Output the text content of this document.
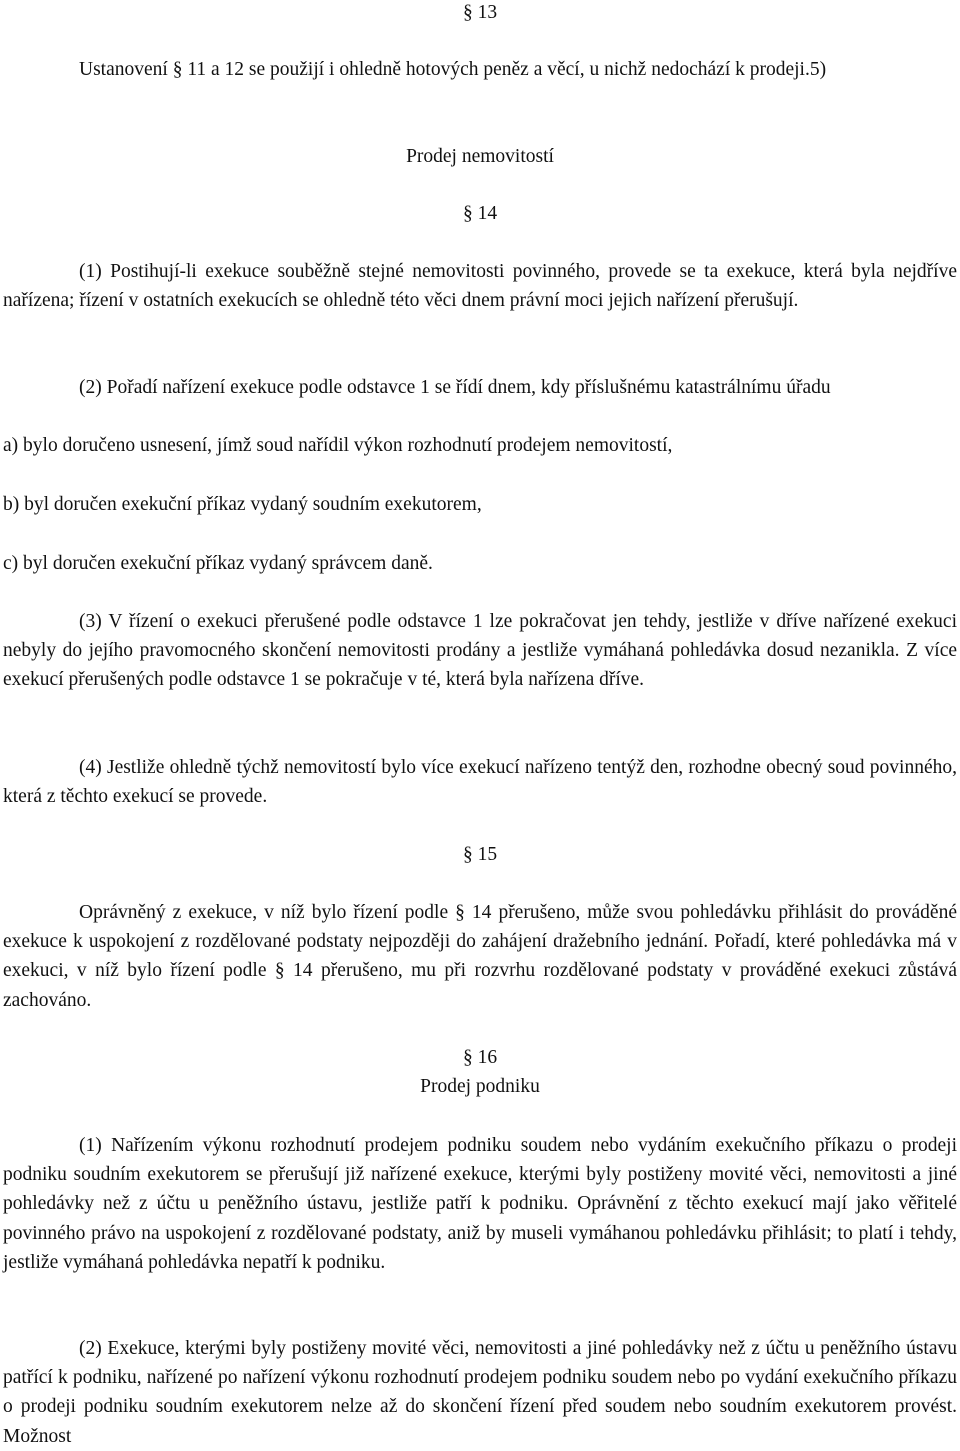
§ 13

Ustanovení § 11 a 12 se použijí i ohledně hotových peněz a věcí, u nichž nedochází k prodeji.5)

Prodej nemovitostí

§ 14

(1) Postihují-li exekuce souběžně stejné nemovitosti povinného, provede se ta exekuce, která byla nejdříve nařízena; řízení v ostatních exekucích se ohledně této věci dnem právní moci jejich nařízení přerušují.

(2) Pořadí nařízení exekuce podle odstavce 1 se řídí dnem, kdy příslušnému katastrálnímu úřadu

a) bylo doručeno usnesení, jímž soud nařídil výkon rozhodnutí prodejem nemovitostí,

b) byl doručen exekuční příkaz vydaný soudním exekutorem,

c) byl doručen exekuční příkaz vydaný správcem daně.

(3) V řízení o exekuci přerušené podle odstavce 1 lze pokračovat jen tehdy, jestliže v dříve nařízené exekuci nebyly do jejího pravomocného skončení nemovitosti prodány a jestliže vymáhaná pohledávka dosud nezanikla. Z více exekucí přerušených podle odstavce 1 se pokračuje v té, která byla nařízena dříve.

(4) Jestliže ohledně týchž nemovitostí bylo více exekucí nařízeno tentýž den, rozhodne obecný soud povinného, která z těchto exekucí se provede.

§ 15

Oprávněný z exekuce, v níž bylo řízení podle § 14 přerušeno, může svou pohledávku přihlásit do prováděné exekuce k uspokojení z rozdělované podstaty nejpozději do zahájení dražebního jednání. Pořadí, které pohledávka má v exekuci, v níž bylo řízení podle § 14 přerušeno, mu při rozvrhu rozdělované podstaty v prováděné exekuci zůstává zachováno.

§ 16

Prodej podniku

(1) Nařízením výkonu rozhodnutí prodejem podniku soudem nebo vydáním exekučního příkazu o prodeji podniku soudním exekutorem se přerušují již nařízené exekuce, kterými byly postiženy movité věci, nemovitosti a jiné pohledávky než z účtu u peněžního ústavu, jestliže patří k podniku. Oprávnění z těchto exekucí mají jako věřitelé povinného právo na uspokojení z rozdělované podstaty, aniž by museli vymáhanou pohledávku přihlásit; to platí i tehdy, jestliže vymáhaná pohledávka nepatří k podniku.

(2) Exekuce, kterými byly postiženy movité věci, nemovitosti a jiné pohledávky než z účtu u peněžního ústavu patřící k podniku, nařízené po nařízení výkonu rozhodnutí prodejem podniku soudem nebo po vydání exekučního příkazu o prodeji podniku soudním exekutorem nelze až do skončení řízení před soudem nebo soudním exekutorem provést. Možnost
